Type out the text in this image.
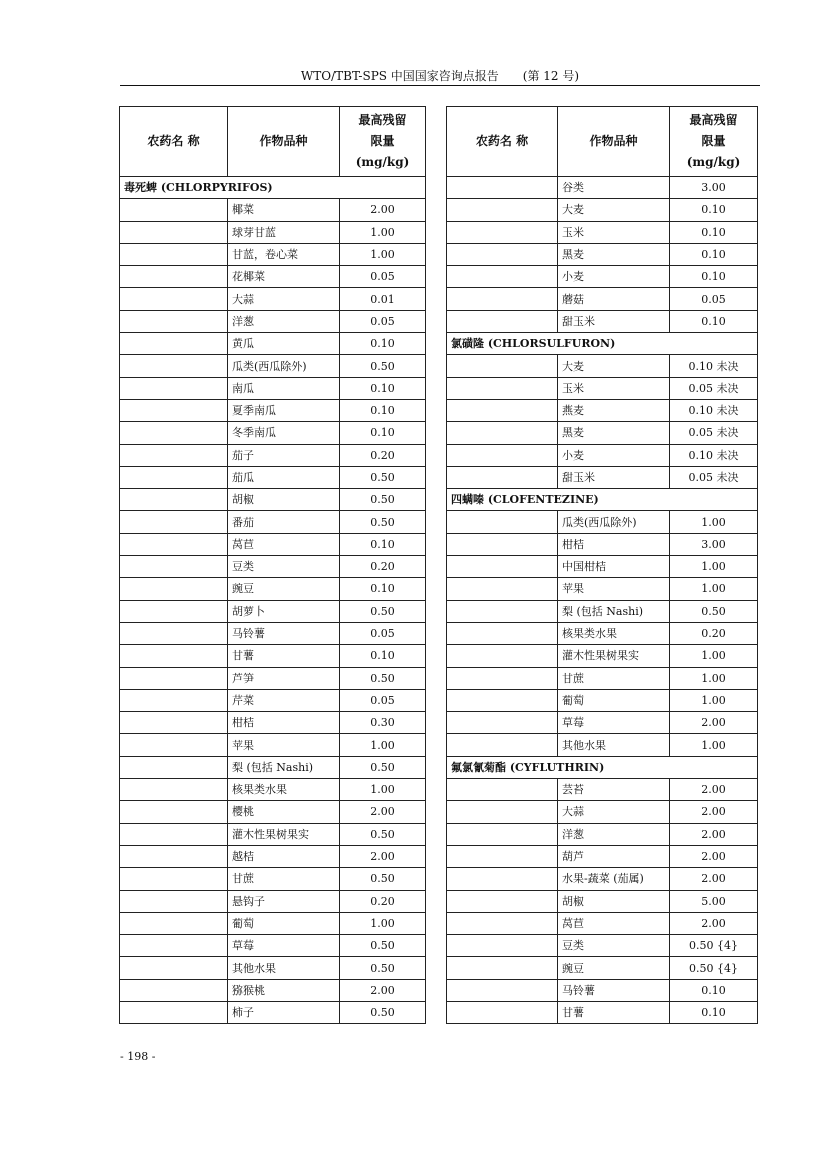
WTO/TBT-SPS 中国国家咨询点报告　　(第 12 号)
农药名 称	作物品种	最高残留
限量
(mg/kg)

毒死蜱 (CHLORPYRIFOS)		
	椰菜	2.00
	球芽甘蓝	1.00
	甘蓝，卷心菜	1.00
	花椰菜	0.05
	大蒜	0.01
	洋葱	0.05
	黄瓜	0.10
	瓜类(西瓜除外)	0.50
	南瓜	0.10
	夏季南瓜	0.10
	冬季南瓜	0.10
	茄子	0.20
	茄瓜	0.50
	胡椒	0.50
	番茄	0.50
	莴苣	0.10
	豆类	0.20
	豌豆	0.10
	胡萝卜	0.50
	马铃薯	0.05
	甘薯	0.10
	芦笋	0.50
	芹菜	0.05
	柑桔	0.30
	苹果	1.00
	梨 (包括 Nashi)	0.50
	核果类水果	1.00
	樱桃	2.00
	灌木性果树果实	0.50
	越桔	2.00
	甘蔗	0.50
	悬钩子	0.20
	葡萄	1.00
	草莓	0.50
	其他水果	0.50
	猕猴桃	2.00
	柿子	0.50
农药名 称	作物品种	最高残留
限量
(mg/kg)

	谷类	3.00
	大麦	0.10
	玉米	0.10
	黑麦	0.10
	小麦	0.10
	蘑菇	0.05
	甜玉米	0.10
氯磺隆 (CHLORSULFURON)		
	大麦	0.10 未决
	玉米	0.05 未决
	燕麦	0.10 未决
	黑麦	0.05 未决
	小麦	0.10 未决
	甜玉米	0.05 未决
四螨嗪 (CLOFENTEZINE)		
	瓜类(西瓜除外)	1.00
	柑桔	3.00
	中国柑桔	1.00
	苹果	1.00
	梨 (包括 Nashi)	0.50
	核果类水果	0.20
	灌木性果树果实	1.00
	甘蔗	1.00
	葡萄	1.00
	草莓	2.00
	其他水果	1.00
氟氯氰菊酯 (CYFLUTHRIN)		
	芸苔	2.00
	大蒜	2.00
	洋葱	2.00
	葫芦	2.00
	水果-蔬菜 (茄属)	2.00
	胡椒	5.00
	莴苣	2.00
	豆类	0.50 {4}
	豌豆	0.50 {4}
	马铃薯	0.10
	甘薯	0.10
- 198 -
